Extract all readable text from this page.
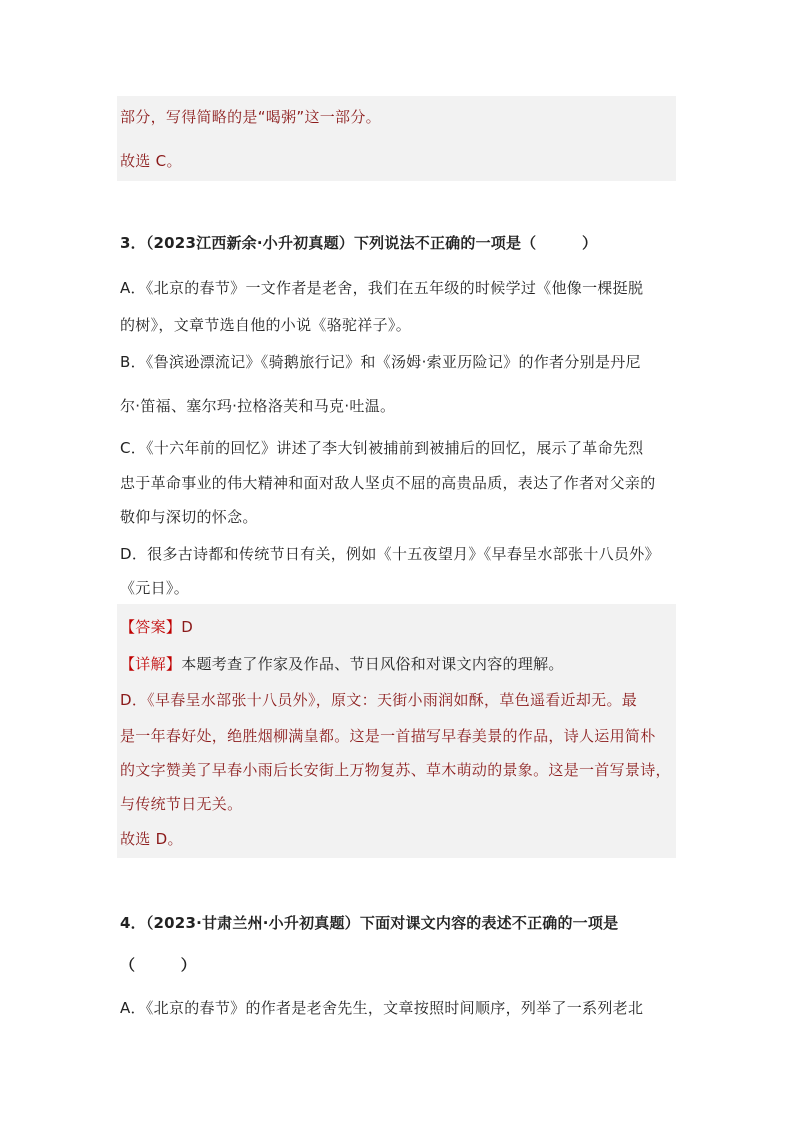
部分，写得简略的是“喝粥”这一部分。
故选 C。
3．（2023江西新余·小升初真题）下列说法不正确的一项是（　　　）
A．《北京的春节》一文作者是老舍，我们在五年级的时候学过《他像一棵挺脱
的树》，文章节选自他的小说《骆驼祥子》。
B．《鲁滨逊漂流记》《骑鹅旅行记》和《汤姆·索亚历险记》的作者分别是丹尼
尔·笛福、塞尔玛·拉格洛芙和马克·吐温。
C．《十六年前的回忆》讲述了李大钊被捕前到被捕后的回忆，展示了革命先烈
忠于革命事业的伟大精神和面对敌人坚贞不屈的高贵品质，表达了作者对父亲的
敬仰与深切的怀念。
D．很多古诗都和传统节日有关，例如《十五夜望月》《早春呈水部张十八员外》
《元日》。
【答案】D
【详解】本题考查了作家及作品、节日风俗和对课文内容的理解。
D．《早春呈水部张十八员外》，原文：天街小雨润如酥，草色遥看近却无。最
是一年春好处，绝胜烟柳满皇都。这是一首描写早春美景的作品，诗人运用简朴
的文字赞美了早春小雨后长安街上万物复苏、草木萌动的景象。这是一首写景诗，
与传统节日无关。
故选 D。
4．（2023·甘肃兰州·小升初真题）下面对课文内容的表述不正确的一项是
（　　　）
A．《北京的春节》的作者是老舍先生，文章按照时间顺序，列举了一系列老北
